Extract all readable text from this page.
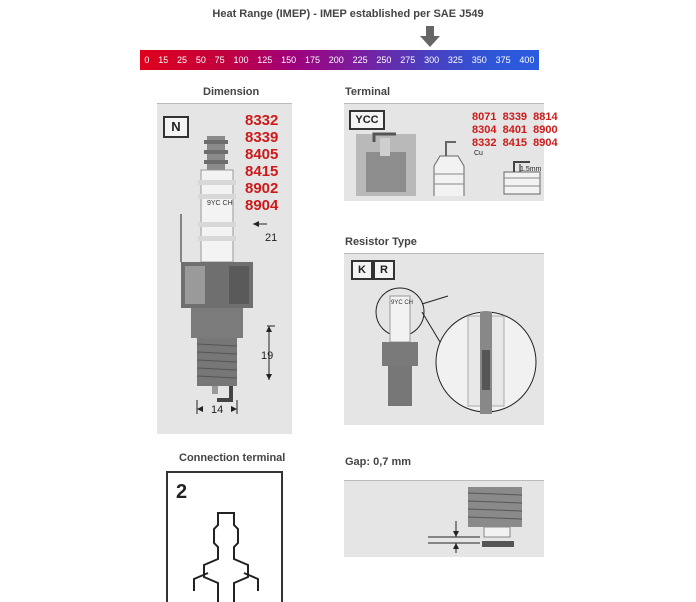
Heat Range (IMEP) - IMEP established per SAE J549
0 15 25 50 75 100 125 150 175 200 225 250 275 300 325 350 375 400
Dimension
N	8332
8339
8405
8415
8902
8904
9YC CH
21
19
14
Terminal
YCC	8071  8339  8814
8304  8401  8900
8332  8415  8904
Cu
1.5mm
Resistor Type
K	R
9YC CH
Connection terminal
2
Gap: 0,7 mm
